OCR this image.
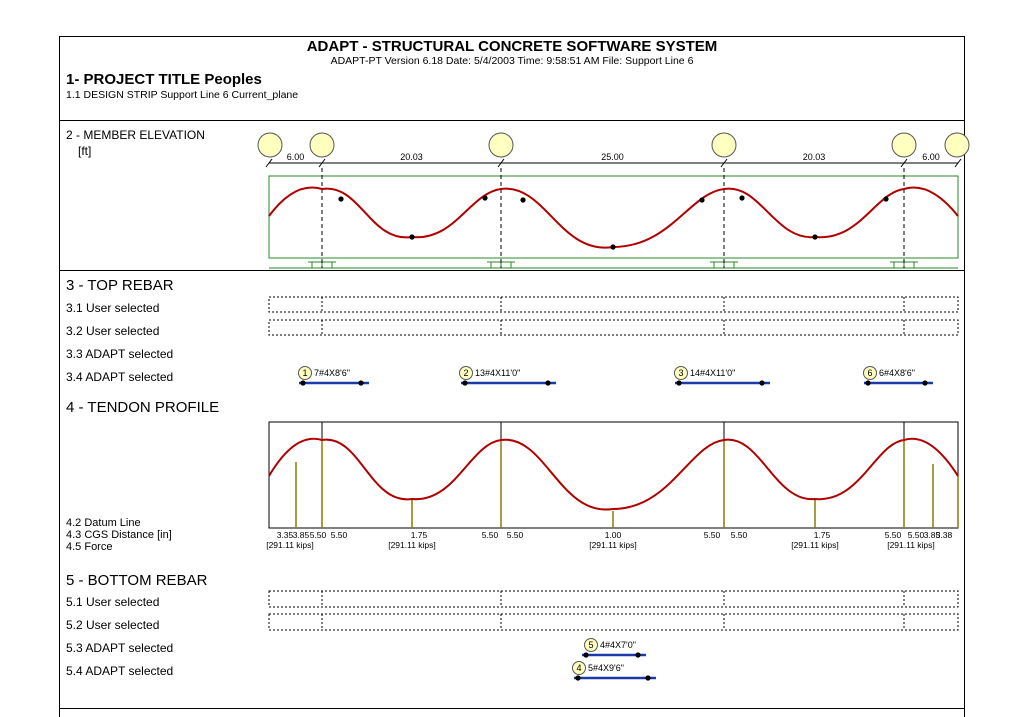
ADAPT - STRUCTURAL CONCRETE SOFTWARE SYSTEM
ADAPT-PT Version 6.18 Date: 5/4/2003 Time: 9:58:51 AM File: Support Line 6
1- PROJECT TITLE Peoples
1.1 DESIGN STRIP Support Line 6 Current_plane
2 - MEMBER ELEVATION
[ft]
3 - TOP REBAR
3.1 User selected
3.2 User selected
3.3 ADAPT selected
3.4 ADAPT selected
4 - TENDON PROFILE
4.2 Datum Line
4.3 CGS Distance [in]
4.5 Force
5 - BOTTOM REBAR
5.1 User selected
5.2 User selected
5.3 ADAPT selected
5.4 ADAPT selected
6.00	20.03	25.00	20.03	6.00
1 7#4X8'6"	2 13#4X11'0"	3 14#4X11'0"	6 6#4X8'6"
5 4#4X7'0"
4 5#4X9'6"
3.35 3.85 5.50 5.50	1.75	5.50 5.50	1.00	5.50 5.50	1.75	5.50 5.50 3.85
3.38
[291.11 kips]	[291.11 kips]	[291.11 kips]	[291.11 kips]	[291.11 kips]
